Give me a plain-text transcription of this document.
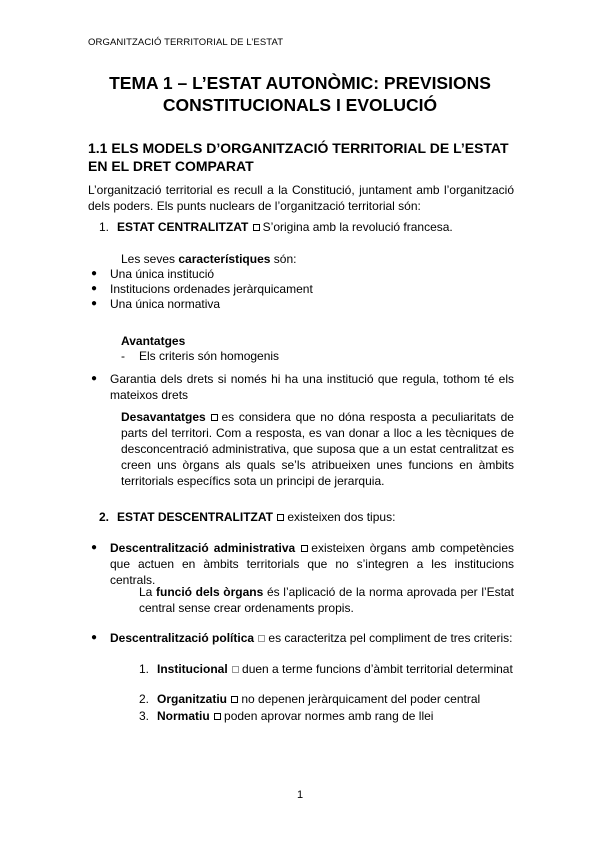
ORGANITZACIÓ TERRITORIAL DE L’ESTAT
TEMA 1 – L’ESTAT AUTONÒMIC: PREVISIONS
CONSTITUCIONALS I EVOLUCIÓ
1.1 ELS MODELS D’ORGANITZACIÓ TERRITORIAL DE L’ESTAT
EN EL DRET COMPARAT
L’organització territorial es recull a la Constitució, juntament amb l’organització dels poders. Els punts nuclears de l’organització territorial són:
1. ESTAT CENTRALITZAT S’origina amb la revolució francesa.
Les seves característiques són:
● Una única institució
● Institucions ordenades jeràrquicament
● Una única normativa
Avantatges
- Els criteris són homogenis
● Garantia dels drets si només hi ha una institució que regula, tothom té els mateixos drets
Desavantatges es considera que no dóna resposta a peculiaritats de parts del territori. Com a resposta, es van donar a lloc a les tècniques de desconcentració administrativa, que suposa que a un estat centralitzat es creen uns òrgans als quals se’ls atribueixen unes funcions en àmbits territorials específics sota un principi de jerarquia.
2. ESTAT DESCENTRALITZAT existeixen dos tipus:
● Descentralització administrativa existeixen òrgans amb competències que actuen en àmbits territorials que no s’integren a les institucions centrals.
La funció dels òrgans és l’aplicació de la norma aprovada per l’Estat central sense crear ordenaments propis.
● Descentralització política es caracteritza pel compliment de tres criteris:
1. Institucional duen a terme funcions d’àmbit territorial determinat
2. Organitzatiu no depenen jeràrquicament del poder central
3. Normatiu poden aprovar normes amb rang de llei
1
